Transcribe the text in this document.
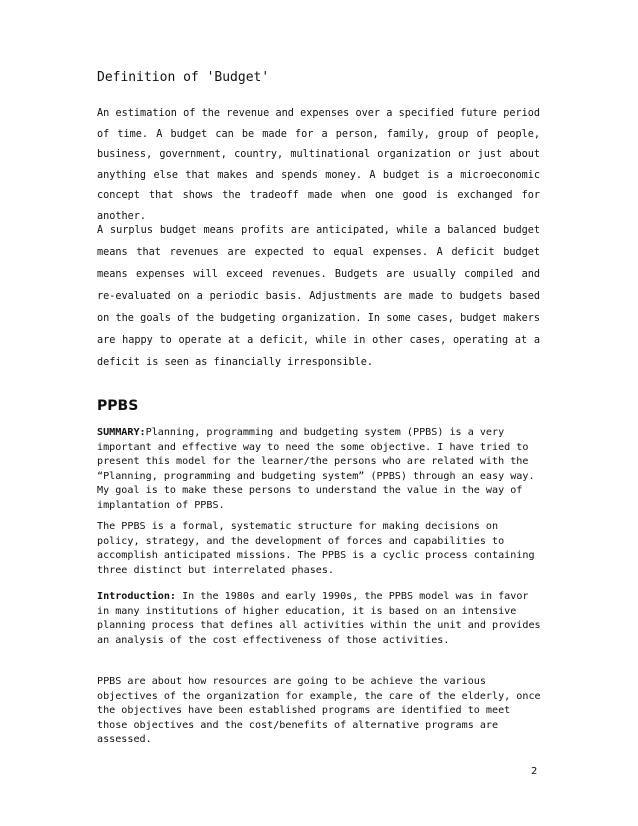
Definition of 'Budget'
An estimation of the revenue and expenses over a specified future period of time. A budget can be made for a person, family, group of people, business, government, country, multinational organization or just about anything else that makes and spends money. A budget is a microeconomic concept that shows the tradeoff made when one good is exchanged for another.
A surplus budget means profits are anticipated, while a balanced budget means that revenues are expected to equal expenses. A deficit budget means expenses will exceed revenues. Budgets are usually compiled and re-evaluated on a periodic basis. Adjustments are made to budgets based on the goals of the budgeting organization. In some cases, budget makers are happy to operate at a deficit, while in other cases, operating at a deficit is seen as financially irresponsible.
PPBS

SUMMARY:Planning, programming and budgeting system (PPBS) is a very important and effective way to need the some objective. I have tried to present this model for the learner/the persons who are related with the “Planning, programming and budgeting system” (PPBS) through an easy way. My goal is to make these persons to understand the value in the way of implantation of PPBS.

The PPBS is a formal, systematic structure for making decisions on policy, strategy, and the development of forces and capabilities to accomplish anticipated missions. The PPBS is a cyclic process containing three distinct but interrelated phases.

Introduction: In the 1980s and early 1990s, the PPBS model was in favor in many institutions of higher education, it is based on an intensive planning process that defines all activities within the unit and provides an analysis of the cost effectiveness of those activities.

PPBS are about how resources are going to be achieve the various objectives of the organization for example, the care of the elderly, once the objectives have been established programs are identified to meet those objectives and the cost/benefits of alternative programs are assessed.

2
